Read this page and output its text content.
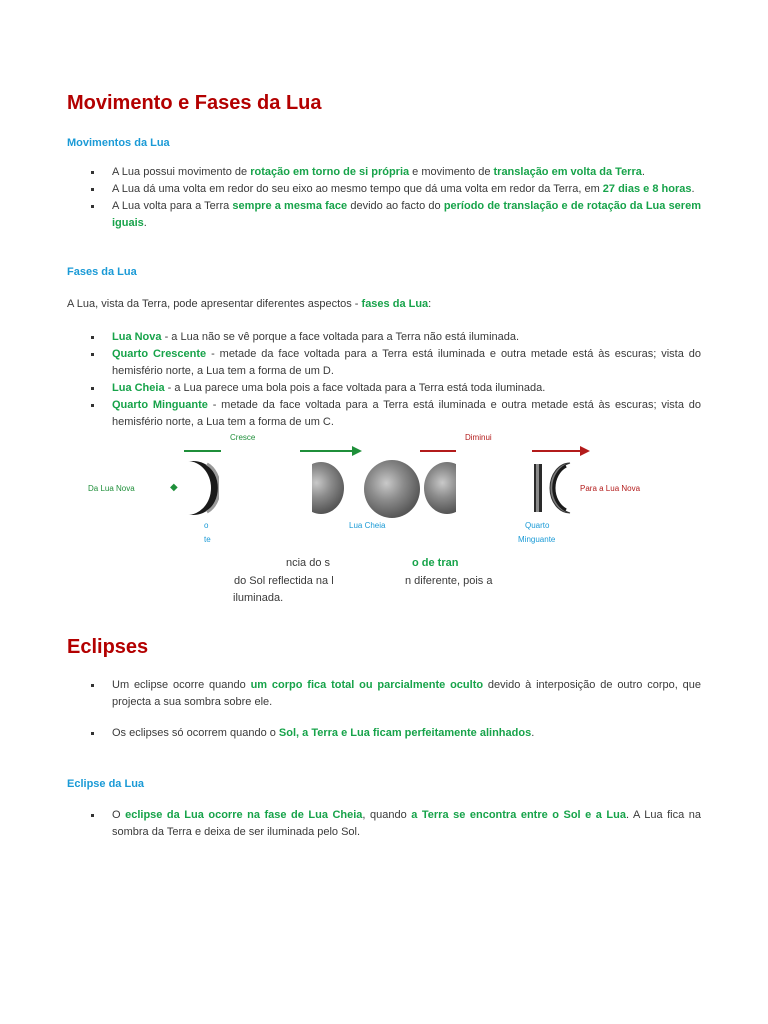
Movimento e Fases da Lua
Movimentos da Lua
A Lua possui movimento de rotação em torno de si própria e movimento de translação em volta da Terra.
A Lua dá uma volta em redor do seu eixo ao mesmo tempo que dá uma volta em redor da Terra, em 27 dias e 8 horas.
A Lua volta para a Terra sempre a mesma face devido ao facto do período de translação e de rotação da Lua serem iguais.
Fases da Lua

A Lua, vista da Terra, pode apresentar diferentes aspectos - fases da Lua:

Lua Nova - a Lua não se vê porque a face voltada para a Terra não está iluminada.
Quarto Crescente - metade da face voltada para a Terra está iluminada e outra metade está às escuras; vista do hemisfério norte, a Lua tem a forma de um D.
Lua Cheia - a Lua parece uma bola pois a face voltada para a Terra está toda iluminada.
Quarto Minguante - metade da face voltada para a Terra está iluminada e outra metade está às escuras; vista do hemisfério norte, a Lua tem a forma de um C.
Cresce	Diminui
Da Lua Nova	◆	Para a Lua Nova
o
te
Lua Cheia	Quarto
Minguante
ncia do s	o de tran
do Sol reflectida na l	n diferente, pois a
iluminada.
Eclipses
Um eclipse ocorre quando um corpo fica total ou parcialmente oculto devido à interposição de outro corpo, que projecta a sua sombra sobre ele.
Os eclipses só ocorrem quando o Sol, a Terra e Lua ficam perfeitamente alinhados.
Eclipse da Lua
O eclipse da Lua ocorre na fase de Lua Cheia, quando a Terra se encontra entre o Sol e a Lua. A Lua fica na sombra da Terra e deixa de ser iluminada pelo Sol.
